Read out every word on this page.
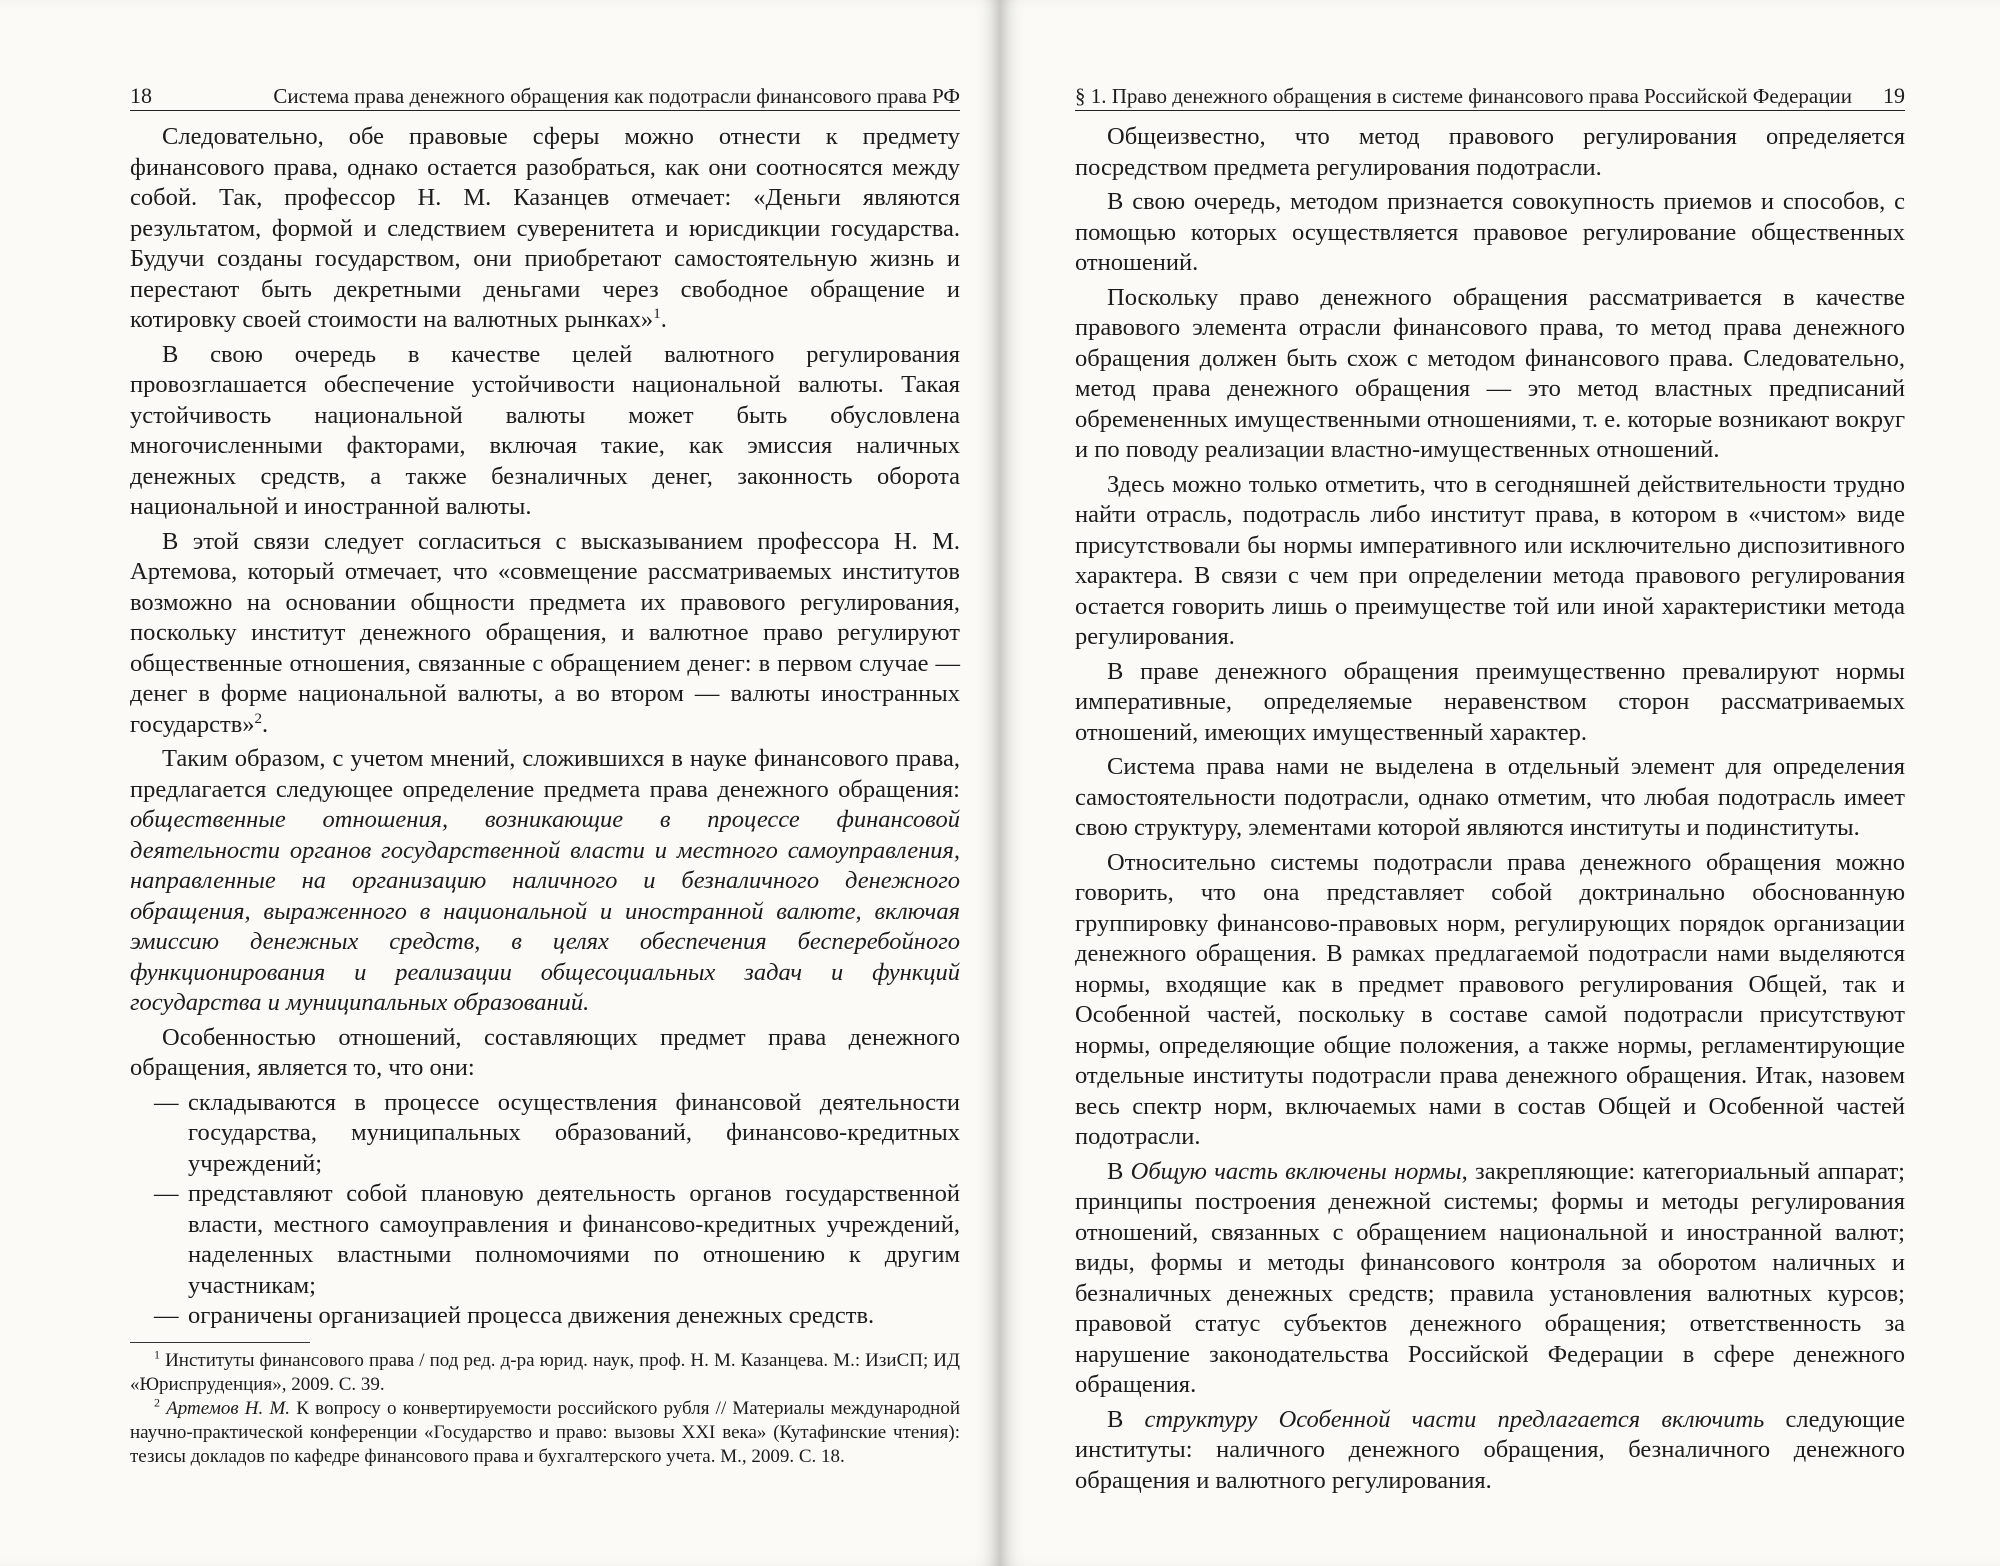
18	Система права денежного обращения как подотрасли финансового права РФ

Следовательно, обе правовые сферы можно отнести к предмету финансового права, однако остается разобраться, как они соотносятся между собой. Так, профессор Н. М. Казанцев отмечает: «Деньги являются результатом, формой и следствием суверенитета и юрисдикции государства. Будучи созданы государством, они приобретают самостоятельную жизнь и перестают быть декретными деньгами через свободное обращение и котировку своей стоимости на валютных рынках»$^1$.

В свою очередь в качестве целей валютного регулирования провозглашается обеспечение устойчивости национальной валюты. Такая устойчивость национальной валюты может быть обусловлена многочисленными факторами, включая такие, как эмиссия наличных денежных средств, а также безналичных денег, законность оборота национальной и иностранной валюты.

В этой связи следует согласиться с высказыванием профессора Н. М. Артемова, который отмечает, что «совмещение рассматриваемых институтов возможно на основании общности предмета их правового регулирования, поскольку институт денежного обращения, и валютное право регулируют общественные отношения, связанные с обращением денег: в первом случае — денег в форме национальной валюты, а во втором — валюты иностранных государств»$^2$.

Таким образом, с учетом мнений, сложившихся в науке финансового права, предлагается следующее определение предмета права денежного обращения: общественные отношения, возникающие в процессе финансовой деятельности органов государственной власти и местного самоуправления, направленные на организацию наличного и безналичного денежного обращения, выраженного в национальной и иностранной валюте, включая эмиссию денежных средств, в целях обеспечения бесперебойного функционирования и реализации общесоциальных задач и функций государства и муниципальных образований.

Особенностью отношений, составляющих предмет права денежного обращения, является то, что они:

— складываются в процессе осуществления финансовой деятельности государства, муниципальных образований, финансово-кредитных учреждений;
— представляют собой плановую деятельность органов государственной власти, местного самоуправления и финансово-кредитных учреждений, наделенных властными полномочиями по отношению к другим участникам;
— ограничены организацией процесса движения денежных средств.

$^1$ Институты финансового права / под ред. д-ра юрид. наук, проф. Н. М. Казанцева. М.: ИзиСП; ИД «Юриспруденция», 2009. С. 39.

$^2$ Артемов Н. М. К вопросу о конвертируемости российского рубля // Материалы международной научно-практической конференции «Государство и право: вызовы XXI века» (Кутафинские чтения): тезисы докладов по кафедре финансового права и бухгалтерского учета. М., 2009. С. 18.

§ 1. Право денежного обращения в системе финансового права Российской Федерации 19

Общеизвестно, что метод правового регулирования определяется посредством предмета регулирования подотрасли.

В свою очередь, методом признается совокупность приемов и способов, с помощью которых осуществляется правовое регулирование общественных отношений.

Поскольку право денежного обращения рассматривается в качестве правового элемента отрасли финансового права, то метод права денежного обращения должен быть схож с методом финансового права. Следовательно, метод права денежного обращения — это метод властных предписаний обремененных имущественными отношениями, т. е. которые возникают вокруг и по поводу реализации властно-имущественных отношений.

Здесь можно только отметить, что в сегодняшней действительности трудно найти отрасль, подотрасль либо институт права, в котором в «чистом» виде присутствовали бы нормы императивного или исключительно диспозитивного характера. В связи с чем при определении метода правового регулирования остается говорить лишь о преимуществе той или иной характеристики метода регулирования.

В праве денежного обращения преимущественно превалируют нормы императивные, определяемые неравенством сторон рассматриваемых отношений, имеющих имущественный характер.

Система права нами не выделена в отдельный элемент для определения самостоятельности подотрасли, однако отметим, что любая подотрасль имеет свою структуру, элементами которой являются институты и подинституты.

Относительно системы подотрасли права денежного обращения можно говорить, что она представляет собой доктринально обоснованную группировку финансово-правовых норм, регулирующих порядок организации денежного обращения. В рамках предлагаемой подотрасли нами выделяются нормы, входящие как в предмет правового регулирования Общей, так и Особенной частей, поскольку в составе самой подотрасли присутствуют нормы, определяющие общие положения, а также нормы, регламентирующие отдельные институты подотрасли права денежного обращения. Итак, назовем весь спектр норм, включаемых нами в состав Общей и Особенной частей подотрасли.

В Общую часть включены нормы, закрепляющие: категориальный аппарат; принципы построения денежной системы; формы и методы регулирования отношений, связанных с обращением национальной и иностранной валют; виды, формы и методы финансового контроля за оборотом наличных и безналичных денежных средств; правила установления валютных курсов; правовой статус субъектов денежного обращения; ответственность за нарушение законодательства Российской Федерации в сфере денежного обращения.

В структуру Особенной части предлагается включить следующие институты: наличного денежного обращения, безналичного денежного обращения и валютного регулирования.
